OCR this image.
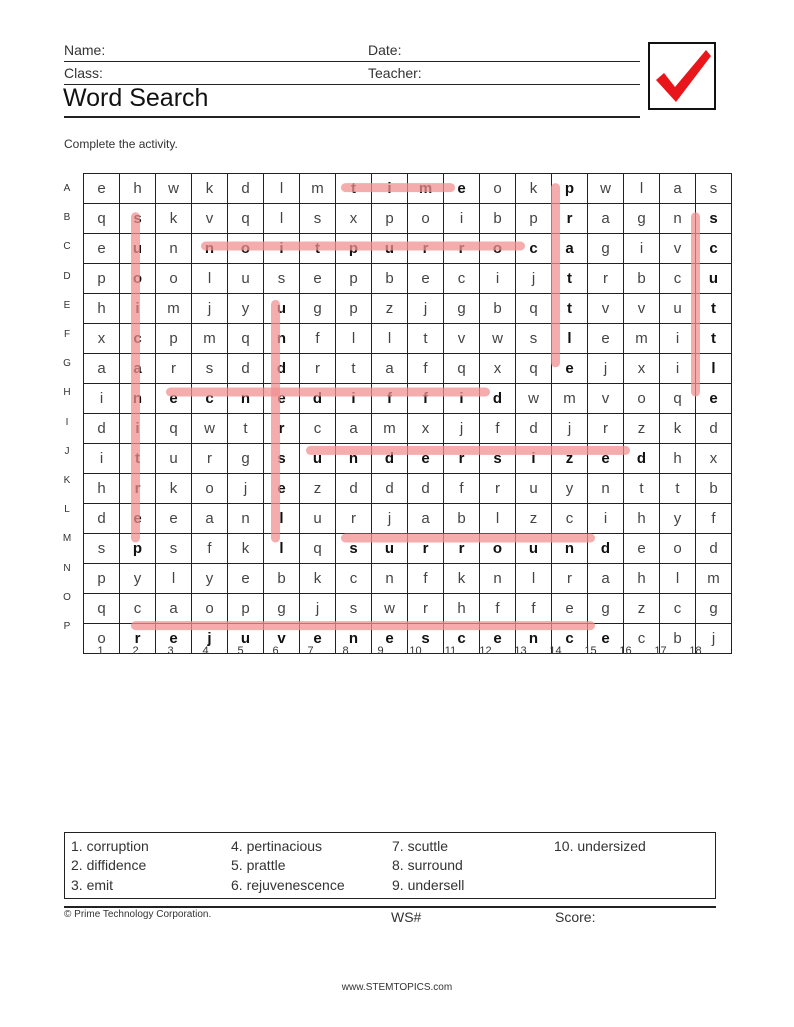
Name:	Date:
Class:	Teacher:
Word Search
Complete the activity.
e	h	w	k	d	l	m	t	i	m	e	o	k	p	w	l	a	s
q	s	k	v	q	l	s	x	p	o	i	b	p	r	a	g	n	s
e	u	n	n	o	i	t	p	u	r	r	o	c	a	g	i	v	c
p	o	o	l	u	s	e	p	b	e	c	i	j	t	r	b	c	u
h	i	m	j	y	u	g	p	z	j	g	b	q	t	v	v	u	t
x	c	p	m	q	n	f	l	l	t	v	w	s	l	e	m	i	t
a	a	r	s	d	d	r	t	a	f	q	x	q	e	j	x	i	l
i	n	e	c	n	e	d	i	f	f	i	d	w	m	v	o	q	e
d	i	q	w	t	r	c	a	m	x	j	f	d	j	r	z	k	d
i	t	u	r	g	s	u	n	d	e	r	s	i	z	e	d	h	x
h	r	k	o	j	e	z	d	d	d	f	r	u	y	n	t	t	b
d	e	e	a	n	l	u	r	j	a	b	l	z	c	i	h	y	f
s	p	s	f	k	l	q	s	u	r	r	o	u	n	d	e	o	d
p	y	l	y	e	b	k	c	n	f	k	n	l	r	a	h	l	m
q	c	a	o	p	g	j	s	w	r	h	f	f	e	g	z	c	g
o	r	e	j	u	v	e	n	e	s	c	e	n	c	e	c	b	j
A
B
C
D
E
F
G
H
I
J
K
L
M
N
O
P
1	2	3	4	5	6	7	8	9	10	11	12	13	14	15	16	17	18
1. corruption
2. diffidence
3. emit
4. pertinacious
5. prattle
6. rejuvenescence
7. scuttle
8. surround
9. undersell
10. undersized
© Prime Technology Corporation.	WS#	Score:
www.STEMTOPICS.com
